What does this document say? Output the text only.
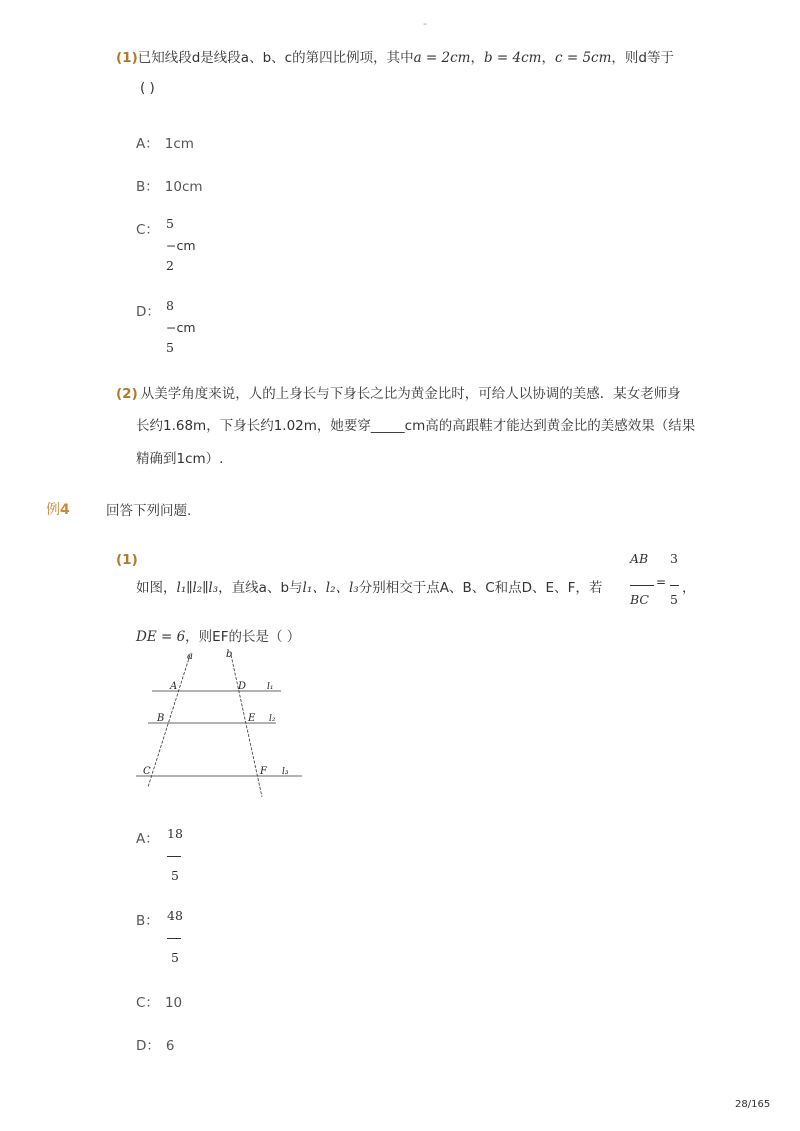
-
(1)已知线段d是线段a、b、c的第四比例项，其中a = 2cm，b = 4cm，c = 5cm，则d等于
( )
A： 1cm
B： 10cm
C： 5
−cm
2
D： 8
−cm
5
(2) 从美学角度来说，人的上身长与下身长之比为黄金比时，可给人以协调的美感．某女老师身
长约1.68m，下身长约1.02m，她要穿_____cm高的高跟鞋才能达到黄金比的美感效果（结果
精确到1cm）.
例4	回答下列问题.
(1)
如图，l₁∥l₂∥l₃，直线a、b与l₁、l₂、l₃分别相交于点A、B、C和点D、E、F，若
AB
BC
=
3
5
，
DE = 6，则EF的长是（ ）
a	b
A	D l₁
B	E l₂
C	F l₃
A： 18
5
B： 48
5
C： 10
D： 6
28/165
